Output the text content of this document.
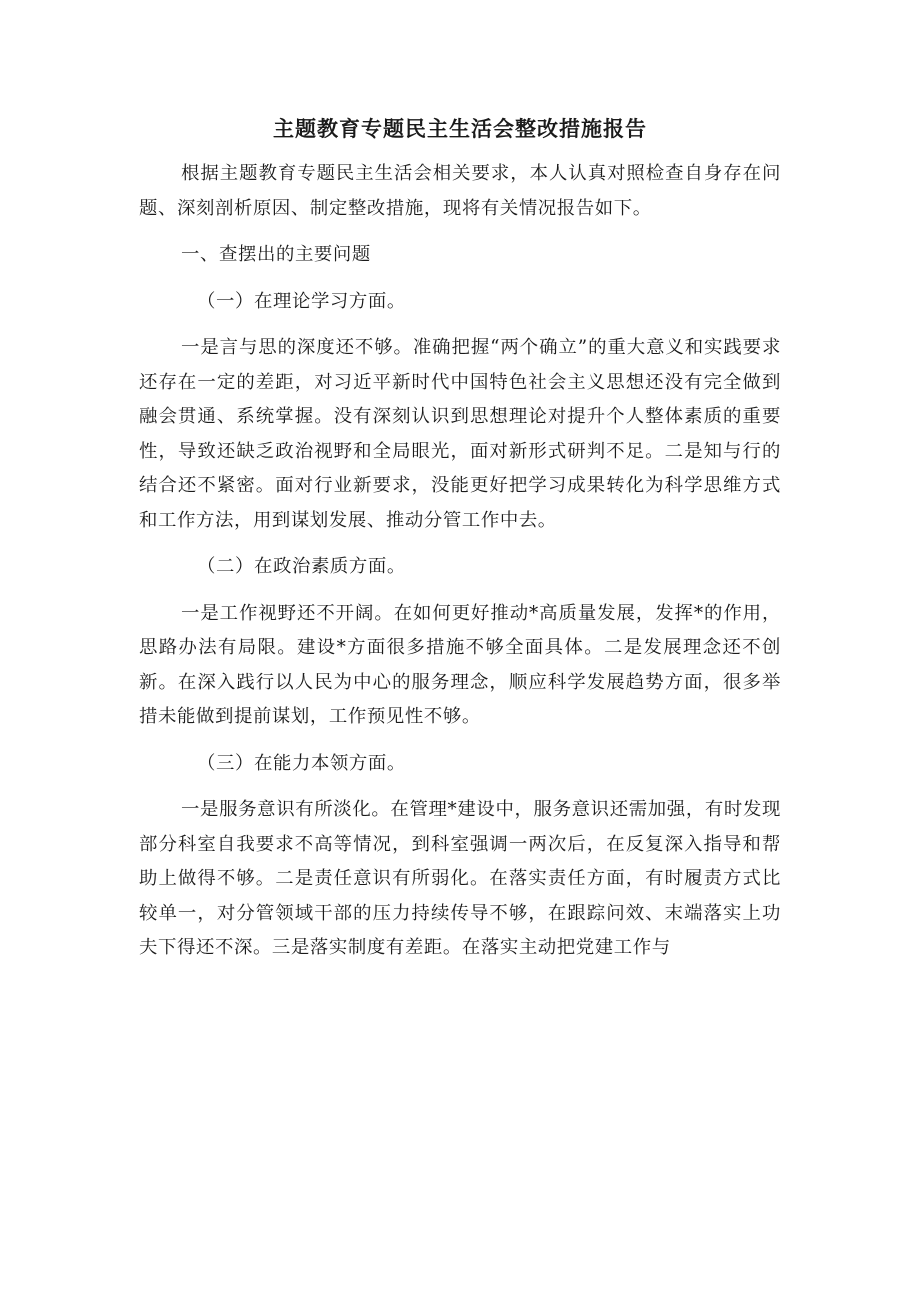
主题教育专题民主生活会整改措施报告

根据主题教育专题民主生活会相关要求，本人认真对照检查自身存在问题、深刻剖析原因、制定整改措施，现将有关情况报告如下。

一、查摆出的主要问题

（一）在理论学习方面。

一是言与思的深度还不够。准确把握“两个确立”的重大意义和实践要求还存在一定的差距，对习近平新时代中国特色社会主义思想还没有完全做到融会贯通、系统掌握。没有深刻认识到思想理论对提升个人整体素质的重要性，导致还缺乏政治视野和全局眼光，面对新形式研判不足。二是知与行的结合还不紧密。面对行业新要求，没能更好把学习成果转化为科学思维方式和工作方法，用到谋划发展、推动分管工作中去。

（二）在政治素质方面。

一是工作视野还不开阔。在如何更好推动*高质量发展，发挥*的作用，思路办法有局限。建设*方面很多措施不够全面具体。二是发展理念还不创新。在深入践行以人民为中心的服务理念，顺应科学发展趋势方面，很多举措未能做到提前谋划，工作预见性不够。

（三）在能力本领方面。

一是服务意识有所淡化。在管理*建设中，服务意识还需加强，有时发现部分科室自我要求不高等情况，到科室强调一两次后，在反复深入指导和帮助上做得不够。二是责任意识有所弱化。在落实责任方面，有时履责方式比较单一，对分管领域干部的压力持续传导不够，在跟踪问效、末端落实上功夫下得还不深。三是落实制度有差距。在落实主动把党建工作与
